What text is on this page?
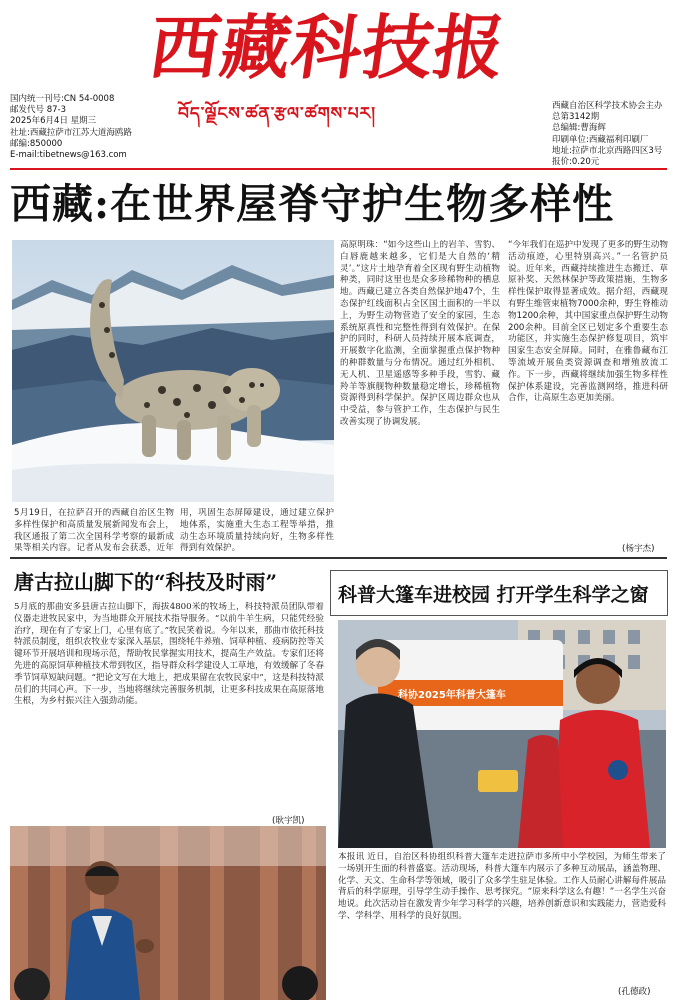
西藏科技报
བོད་ལྗོངས་ཚན་རྩལ་ཚགས་པར།
国内统一刊号:CN 54-0008
邮发代号 87-3
2025年6月4日 星期三
社址:西藏拉萨市江苏大道海鸥路
邮编:850000
E-mail:tibetnews@163.com
西藏自治区科学技术协会主办
总第3142期
总编辑:曹海辉
印刷单位:西藏福利印刷厂
地址:拉萨市北京西路四区3号
报价:0.20元
西藏:在世界屋脊守护生物多样性
高原明珠：“如今这些山上的岩羊、雪豹、白唇鹿越来越多，它们是大自然的‘精灵’。”这片土地孕育着全区现有野生动植物种类，同时这里也是众多珍稀物种的栖息地。西藏已建立各类自然保护地47个，生态保护红线面积占全区国土面积的一半以上，为野生动物营造了安全的家园，生态系统原真性和完整性得到有效保护。在保护的同时，科研人员持续开展本底调查，开展数字化监测，全面掌握重点保护物种的种群数量与分布情况。通过红外相机、无人机、卫星遥感等多种手段，雪豹、藏羚羊等旗舰物种数量稳定增长，珍稀植物资源得到科学保护。保护区周边群众也从中受益，参与管护工作，生态保护与民生改善实现了协调发展。
“今年我们在巡护中发现了更多的野生动物活动痕迹，心里特别高兴。”一名管护员说。近年来，西藏持续推进生态搬迁、草原补奖、天然林保护等政策措施，生物多样性保护取得显著成效。据介绍，西藏现有野生维管束植物7000余种，野生脊椎动物1200余种，其中国家重点保护野生动物200余种。目前全区已划定多个重要生态功能区，并实施生态保护修复项目，筑牢国家生态安全屏障。同时，在雅鲁藏布江等流域开展鱼类资源调查和增殖放流工作。下一步，西藏将继续加强生物多样性保护体系建设，完善监测网络，推进科研合作，让高原生态更加美丽。
(杨宇杰)
5月19日，在拉萨召开的西藏自治区生物多样性保护和高质量发展新闻发布会上，我区通报了第二次全国科学考察的最新成果等相关内容。记者从发布会获悉，近年
用，巩固生态屏障建设，通过建立保护地体系，实施重大生态工程等举措，推动生态环境质量持续向好，生物多样性得到有效保护。
唐古拉山脚下的“科技及时雨”
5月底的那曲安多县唐古拉山脚下，海拔4800米的牧场上，科技特派员团队带着仪器走进牧民家中，为当地群众开展技术指导服务。“以前牛羊生病，只能凭经验治疗，现在有了专家上门，心里有底了。”牧民笑着说。今年以来，那曲市依托科技特派员制度，组织农牧业专家深入基层，围绕牦牛养殖、饲草种植、疫病防控等关键环节开展培训和现场示范，帮助牧民掌握实用技术，提高生产效益。专家们还将先进的高原饲草种植技术带到牧区，指导群众科学建设人工草地，有效缓解了冬春季节饲草短缺问题。“把论文写在大地上，把成果留在农牧民家中”，这是科技特派员们的共同心声。下一步，当地将继续完善服务机制，让更多科技成果在高原落地生根，为乡村振兴注入强劲动能。
(耿宇凯)
科普大篷车进校园 打开学生科学之窗
科协2025年科普大篷车
本报讯 近日，自治区科协组织科普大篷车走进拉萨市多所中小学校园，为师生带来了一场别开生面的科普盛宴。活动现场，科普大篷车内展示了多种互动展品，涵盖物理、化学、天文、生命科学等领域，吸引了众多学生驻足体验。工作人员耐心讲解每件展品背后的科学原理，引导学生动手操作、思考探究。“原来科学这么有趣！”一名学生兴奋地说。此次活动旨在激发青少年学习科学的兴趣，培养创新意识和实践能力，营造爱科学、学科学、用科学的良好氛围。
(孔德政)
